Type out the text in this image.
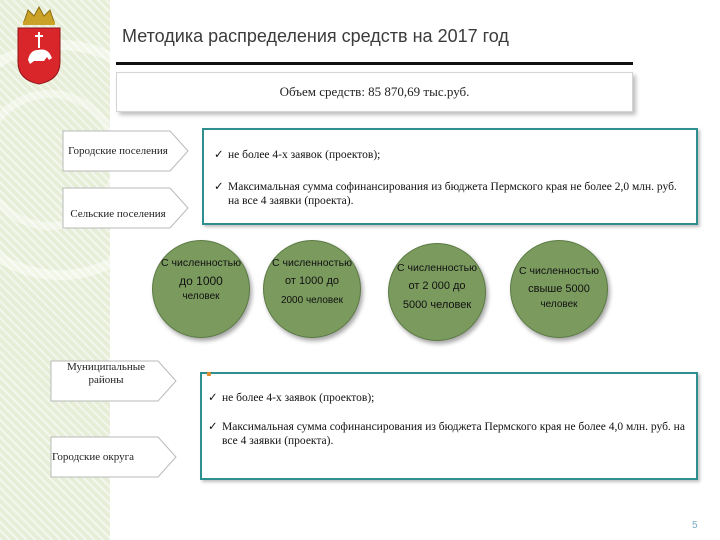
Методика распределения средств на 2017 год
Объем средств: 85 870,69 тыс.руб.
Городские поселения
Сельские поселения
Муниципальные районы
Городские округа
✓ не более 4-х заявок (проектов);
✓ Максимальная сумма софинансирования из бюджета Пермского края не более 2,0 млн. руб. на все 4 заявки (проекта).
С численностью
до 1000
человек
С численностью
от 1000 до
2000 человек
С численностью
от 2 000 до
5000 человек
С численностью
свыше 5000
человек
✓ не более 4-х заявок (проектов);
✓ Максимальная сумма софинансирования из бюджета Пермского края не более 4,0 млн. руб. на все 4 заявки (проекта).
5
